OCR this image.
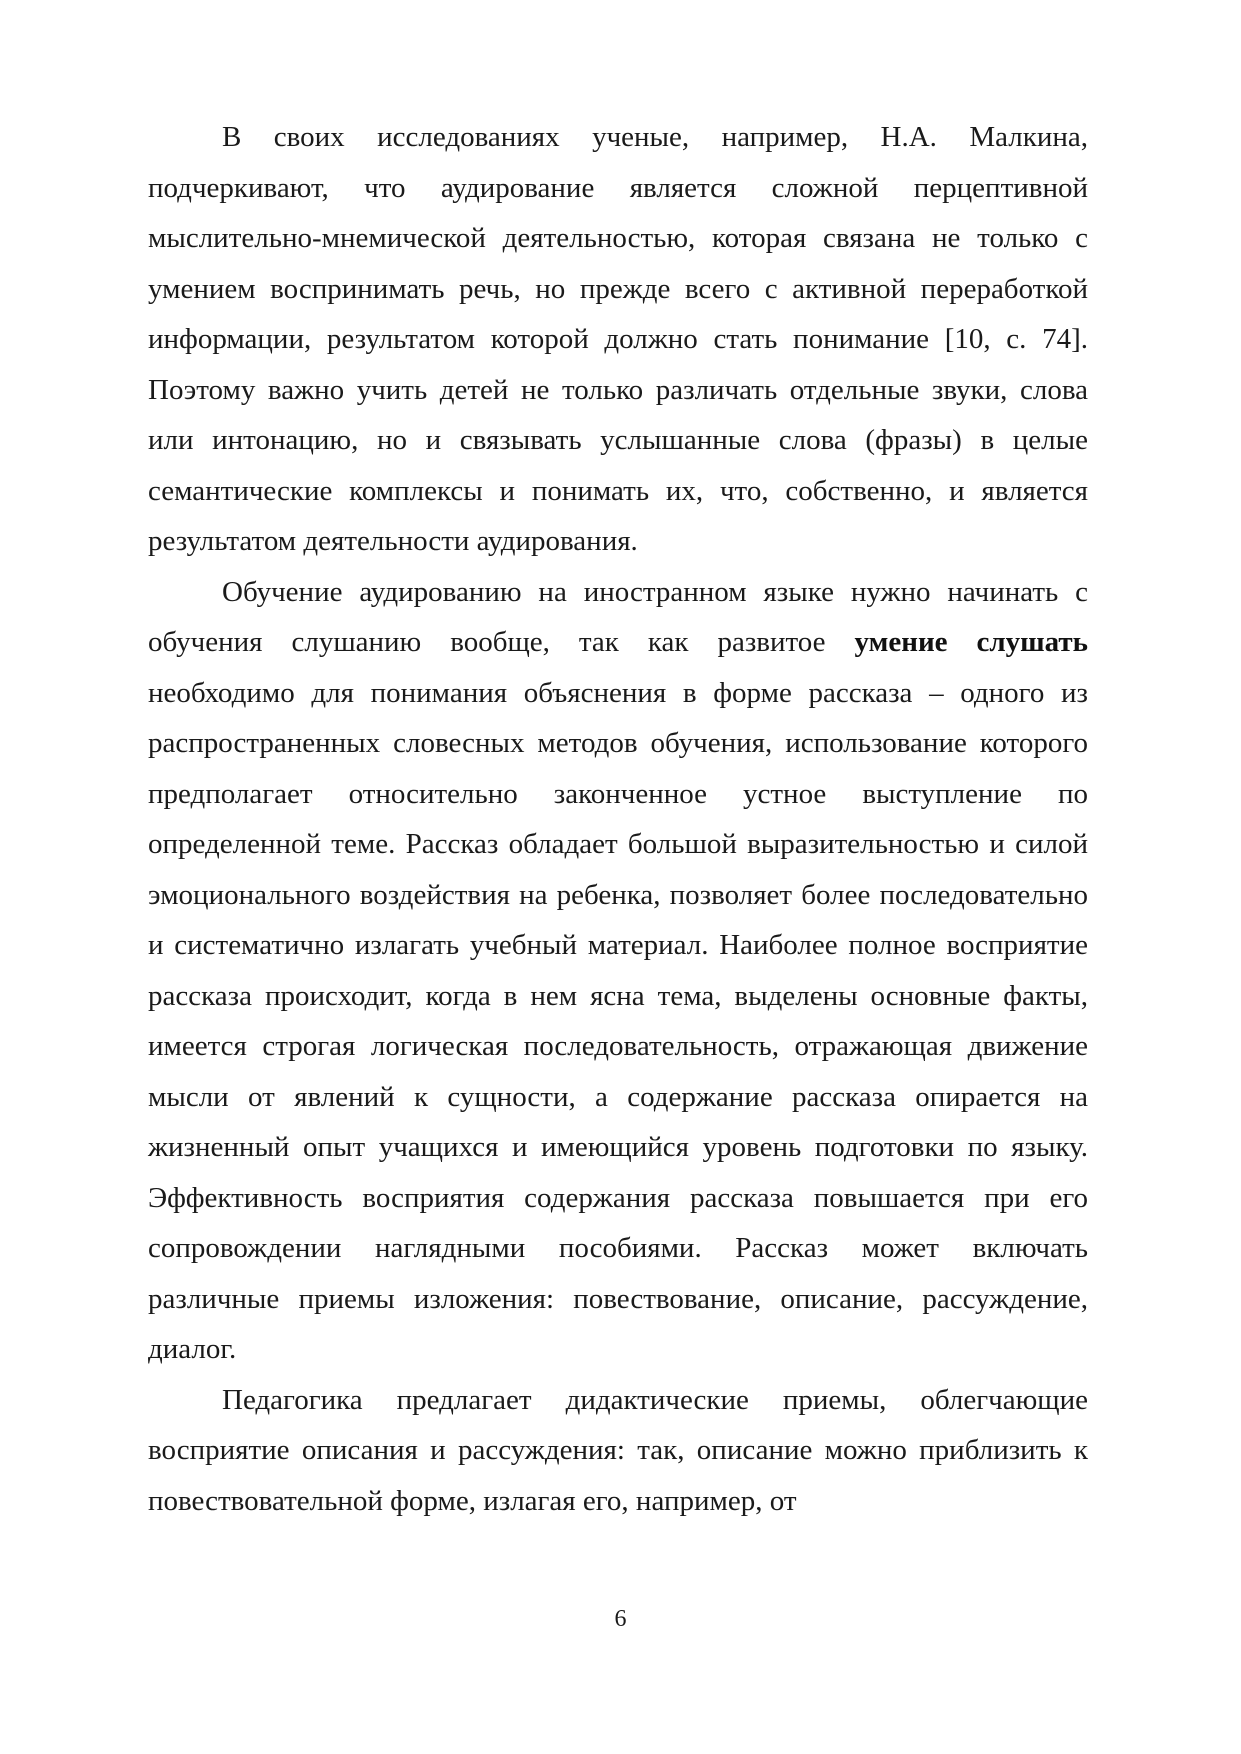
В своих исследованиях ученые, например, Н.А. Малкина, подчеркивают, что аудирование является сложной перцептивной мыслительно-мнемической деятельностью, которая связана не только с умением воспринимать речь, но прежде всего с активной переработкой информации, результатом которой должно стать понимание [10, с. 74]. Поэтому важно учить детей не только различать отдельные звуки, слова или интонацию, но и связывать услышанные слова (фразы) в целые семантические комплексы и понимать их, что, собственно, и является результатом деятельности аудирования.

Обучение аудированию на иностранном языке нужно начинать с обучения слушанию вообще, так как развитое умение слушать необходимо для понимания объяснения в форме рассказа – одного из распространенных словесных методов обучения, использование которого предполагает относительно законченное устное выступление по определенной теме. Рассказ обладает большой выразительностью и силой эмоционального воздействия на ребенка, позволяет более последовательно и систематично излагать учебный материал. Наиболее полное восприятие рассказа происходит, когда в нем ясна тема, выделены основные факты, имеется строгая логическая последовательность, отражающая движение мысли от явлений к сущности, а содержание рассказа опирается на жизненный опыт учащихся и имеющийся уровень подготовки по языку. Эффективность восприятия содержания рассказа повышается при его сопровождении наглядными пособиями. Рассказ может включать различные приемы изложения: повествование, описание, рассуждение, диалог.

Педагогика предлагает дидактические приемы, облегчающие восприятие описания и рассуждения: так, описание можно приблизить к повествовательной форме, излагая его, например, от

6
